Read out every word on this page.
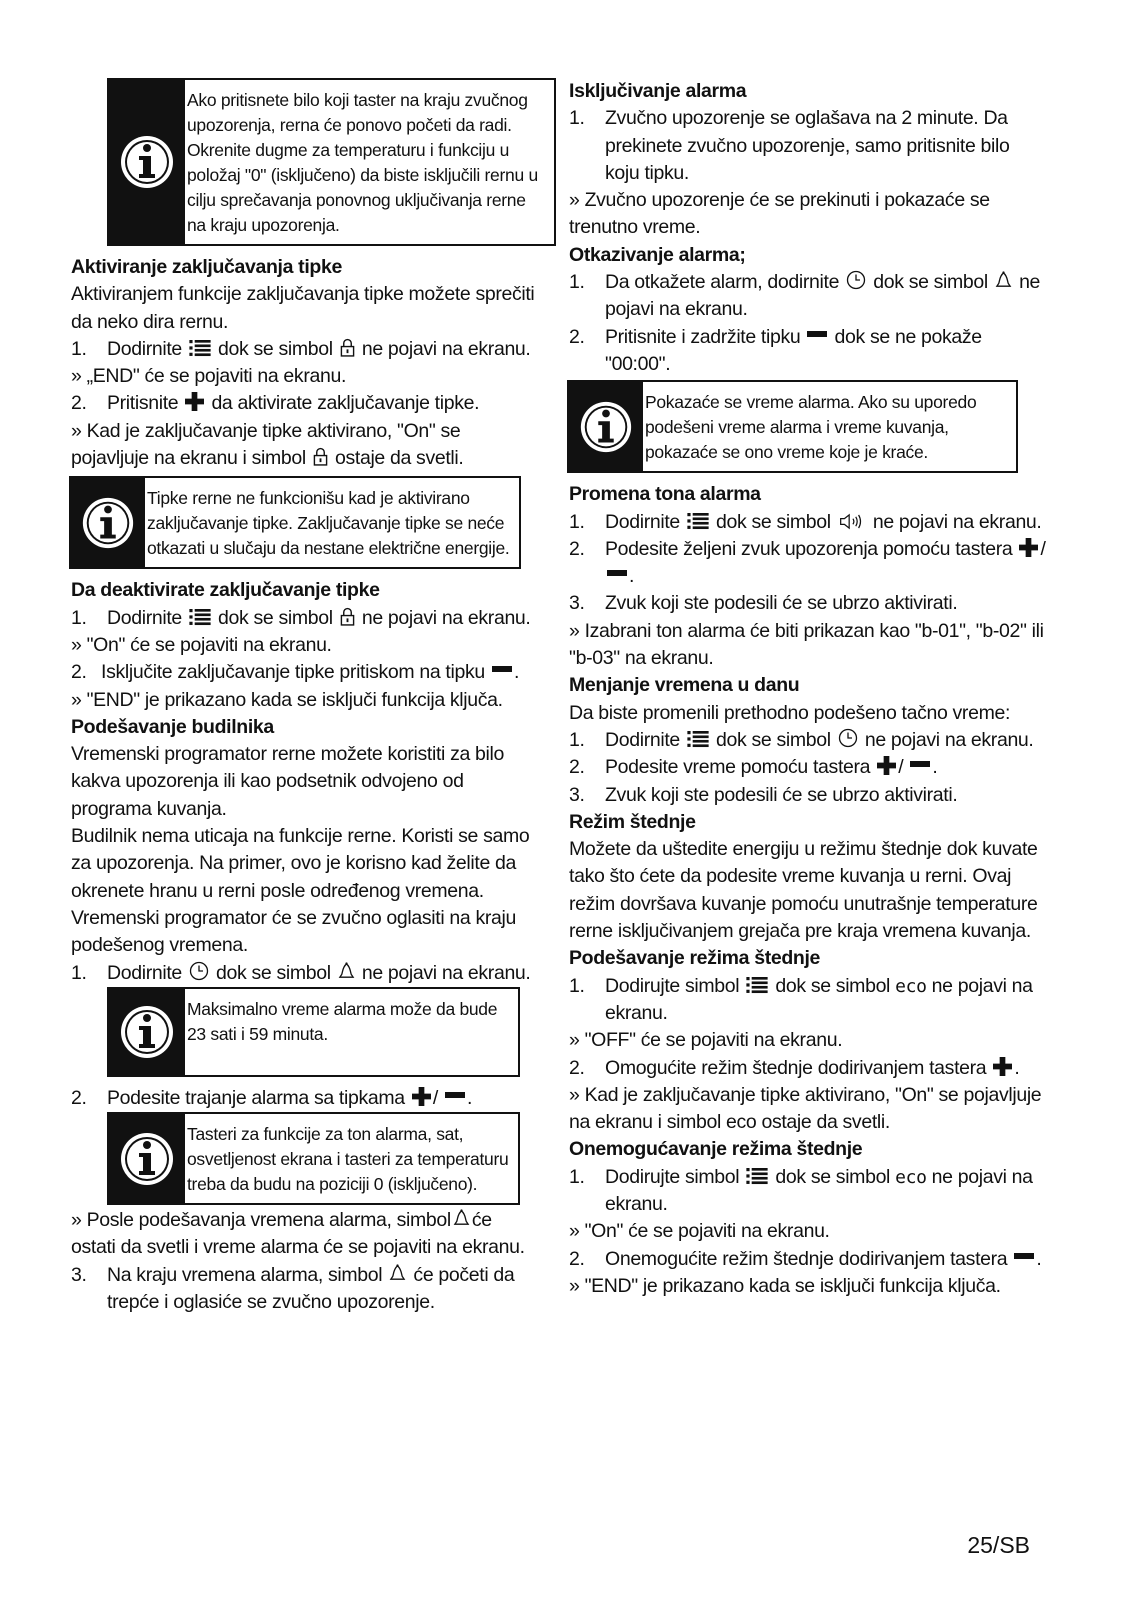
Ako pritisnete bilo koji taster na kraju zvučnog upozorenja, rerna će ponovo početi da radi. Okrenite dugme za temperaturu i funkciju u položaj "0" (isključeno) da biste isključili rernu u cilju sprečavanja ponovnog uključivanja rerne na kraju upozorenja.

Aktiviranje zaključavanja tipke

Aktiviranjem funkcije zaključavanja tipke možete sprečiti da neko dira rernu.

1.	Dodirnite dok se simbol ne pojavi na ekranu.

» „END" će se pojaviti na ekranu.

2.	Pritisnite da aktivirate zaključavanje tipke.

» Kad je zaključavanje tipke aktivirano, "On" se pojavljuje na ekranu i simbol ostaje da svetli.

Tipke rerne ne funkcionišu kad je aktivirano zaključavanje tipke. Zaključavanje tipke se neće otkazati u slučaju da nestane električne energije.

Da deaktivirate zaključavanje tipke

1.	Dodirnite dok se simbol ne pojavi na ekranu.

» "On" će se pojaviti na ekranu.

2. Isključite zaključavanje tipke pritiskom na tipku .

» "END" je prikazano kada se isključi funkcija ključa.

Podešavanje budilnika

Vremenski programator rerne možete koristiti za bilo kakva upozorenja ili kao podsetnik odvojeno od programa kuvanja.

Budilnik nema uticaja na funkcije rerne. Koristi se samo za upozorenja. Na primer, ovo je korisno kad želite da okrenete hranu u rerni posle određenog vremena. Vremenski programator će se zvučno oglasiti na kraju podešenog vremena.

1.	Dodirnite dok se simbol ne pojavi na ekranu.
Maksimalno vreme alarma može da bude 23 sati i 59 minuta.
2.	Podesite trajanje alarma sa tipkama / .
Tasteri za funkcije za ton alarma, sat, osvetljenost ekrana i tasteri za temperaturu treba da budu na poziciji 0 (isključeno).

» Posle podešavanja vremena alarma, simbol će ostati da svetli i vreme alarma će se pojaviti na ekranu.

3.	Na kraju vremena alarma, simbol će početi da trepće i oglasiće se zvučno upozorenje.

Isključivanje alarma

1.	Zvučno upozorenje se oglašava na 2 minute. Da prekinete zvučno upozorenje, samo pritisnite bilo koju tipku.

» Zvučno upozorenje će se prekinuti i pokazaće se trenutno vreme.

Otkazivanje alarma;

1.	Da otkažete alarm, dodirnite dok se simbol ne pojavi na ekranu.
2.	Pritisnite i zadržite tipku dok se ne pokaže "00:00".
Pokazaće se vreme alarma. Ako su uporedo podešeni vreme alarma i vreme kuvanja, pokazaće se ono vreme koje je kraće.

Promena tona alarma

1.	Dodirnite dok se simbol ne pojavi na ekranu.
2.	Podesite željeni zvuk upozorenja pomoću tastera / .
3.	Zvuk koji ste podesili će se ubrzo aktivirati.

» Izabrani ton alarma će biti prikazan kao "b-01", "b-02" ili "b-03" na ekranu.

Menjanje vremena u danu

Da biste promenili prethodno podešeno tačno vreme:

1.	Dodirnite dok se simbol ne pojavi na ekranu.
2.	Podesite vreme pomoću tastera / .
3.	Zvuk koji ste podesili će se ubrzo aktivirati.

Režim štednje

Možete da uštedite energiju u režimu štednje dok kuvate tako što ćete da podesite vreme kuvanja u rerni. Ovaj režim dovršava kuvanje pomoću unutrašnje temperature rerne isključivanjem grejača pre kraja vremena kuvanja.

Podešavanje režima štednje

1.	Dodirujte simbol dok se simbol eco ne pojavi na ekranu.

» "OFF" će se pojaviti na ekranu.

2.	Omogućite režim štednje dodirivanjem tastera .

» Kad je zaključavanje tipke aktivirano, "On" se pojavljuje na ekranu i simbol eco ostaje da svetli.

Onemogućavanje režima štednje

1.	Dodirujte simbol dok se simbol eco ne pojavi na ekranu.

» "On" će se pojaviti na ekranu.

2.	Onemogućite režim štednje dodirivanjem tastera .

» "END" je prikazano kada se isključi funkcija ključa.

25/SB
